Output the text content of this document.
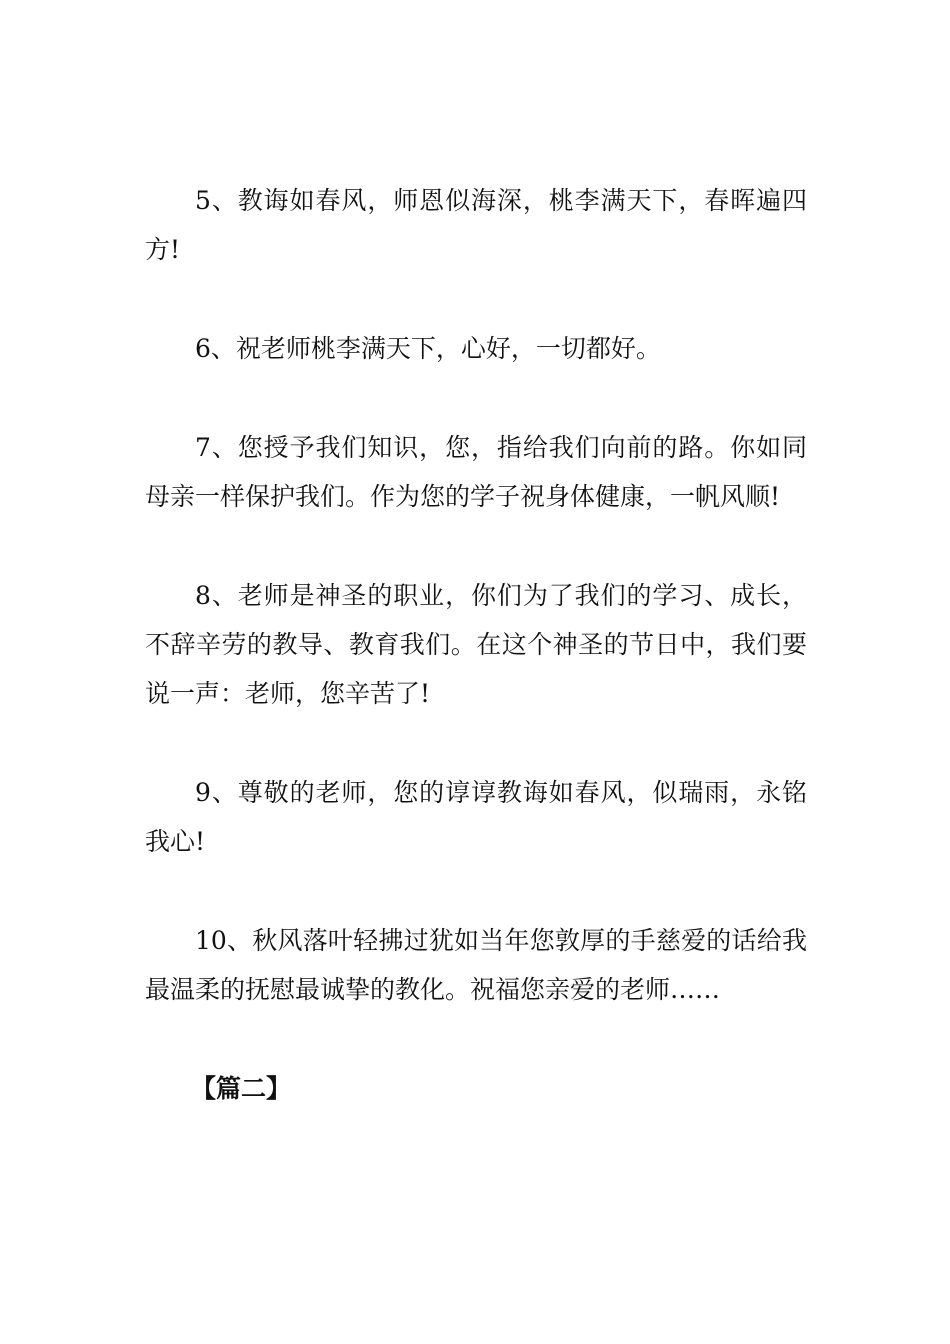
5、教诲如春风，师恩似海深，桃李满天下，春晖遍四方!

6、祝老师桃李满天下，心好，一切都好。

7、您授予我们知识，您，指给我们向前的路。你如同母亲一样保护我们。作为您的学子祝身体健康，一帆风顺!

8、老师是神圣的职业，你们为了我们的学习、成长，不辞辛劳的教导、教育我们。在这个神圣的节日中，我们要说一声：老师，您辛苦了!

9、尊敬的老师，您的谆谆教诲如春风，似瑞雨，永铭我心!

10、秋风落叶轻拂过犹如当年您敦厚的手慈爱的话给我最温柔的抚慰最诚挚的教化。祝福您亲爱的老师……

【篇二】
